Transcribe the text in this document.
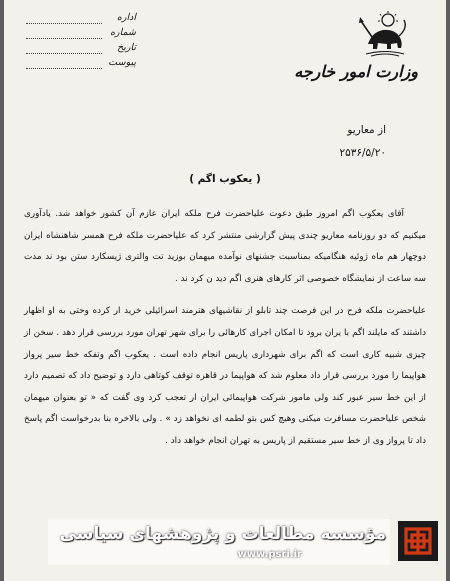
اداره
شماره
تاریخ
پیوست	وزارت امور خارجه
از معاریو
۲۵۳۶/۵/۲۰
( یعکوب اگم )

آقای یعکوب اگم امروز طبق دعوت علیاحضرت فرح ملکه ایران عازم آن کشور خواهد شد. یادآوری میکنیم که دو روزنامه معاریو چندی پیش گزارشی منتشر کرد که علیاحضرت ملکه فرح همسر شاهنشاه ایران دوچهار هم ماه ژوئیه هنگامیکه بمناسبت جشنهای نوآمده میهمان بوزید تت والتری ژیسکارد ستن بود ند مدت سه ساعت از نمایشگاه خصوصی اثر کارهای هنری اگم دید ن کرد ند .

علیاحضرت ملکه فرح در این فرصت چند تابلو از نقاشیهای هنرمند اسرائیلی خرید ار کرده وحتی به او اظهار داشتند که مایلند اگم با یران برود تا امکان اجرای کارهائی را برای شهر تهران مورد بررسی قرار دهد . سخن از چیزی شبیه کاری است که اگم برای شهرداری پاریس انجام داده است . یعکوب اگم وتفکه خط سیر پرواز هواپیما را مورد بررسی قرار داد معلوم شد که هواپیما در قاهره توقف کوتاهی دارد و توضیح داد که تصمیم دارد از این خط سیر عبور کند ولی مامور شرکت هواپیمائی ایران ار تعجب کرد وی گفت که « تو بعنوان میهمان شخص علیاحضرت مسافرت میکنی وهیچ کس بتو لطمه ای نخواهد زد » . ولی بالاخره بنا بدرخواست اگم پاسخ داد تا پرواز وی از خط سیر مستقیم از پاریس به تهران انجام خواهد داد .

مؤسسه مطالعات و پژوهشهای سیاسی
www.psri.ir
